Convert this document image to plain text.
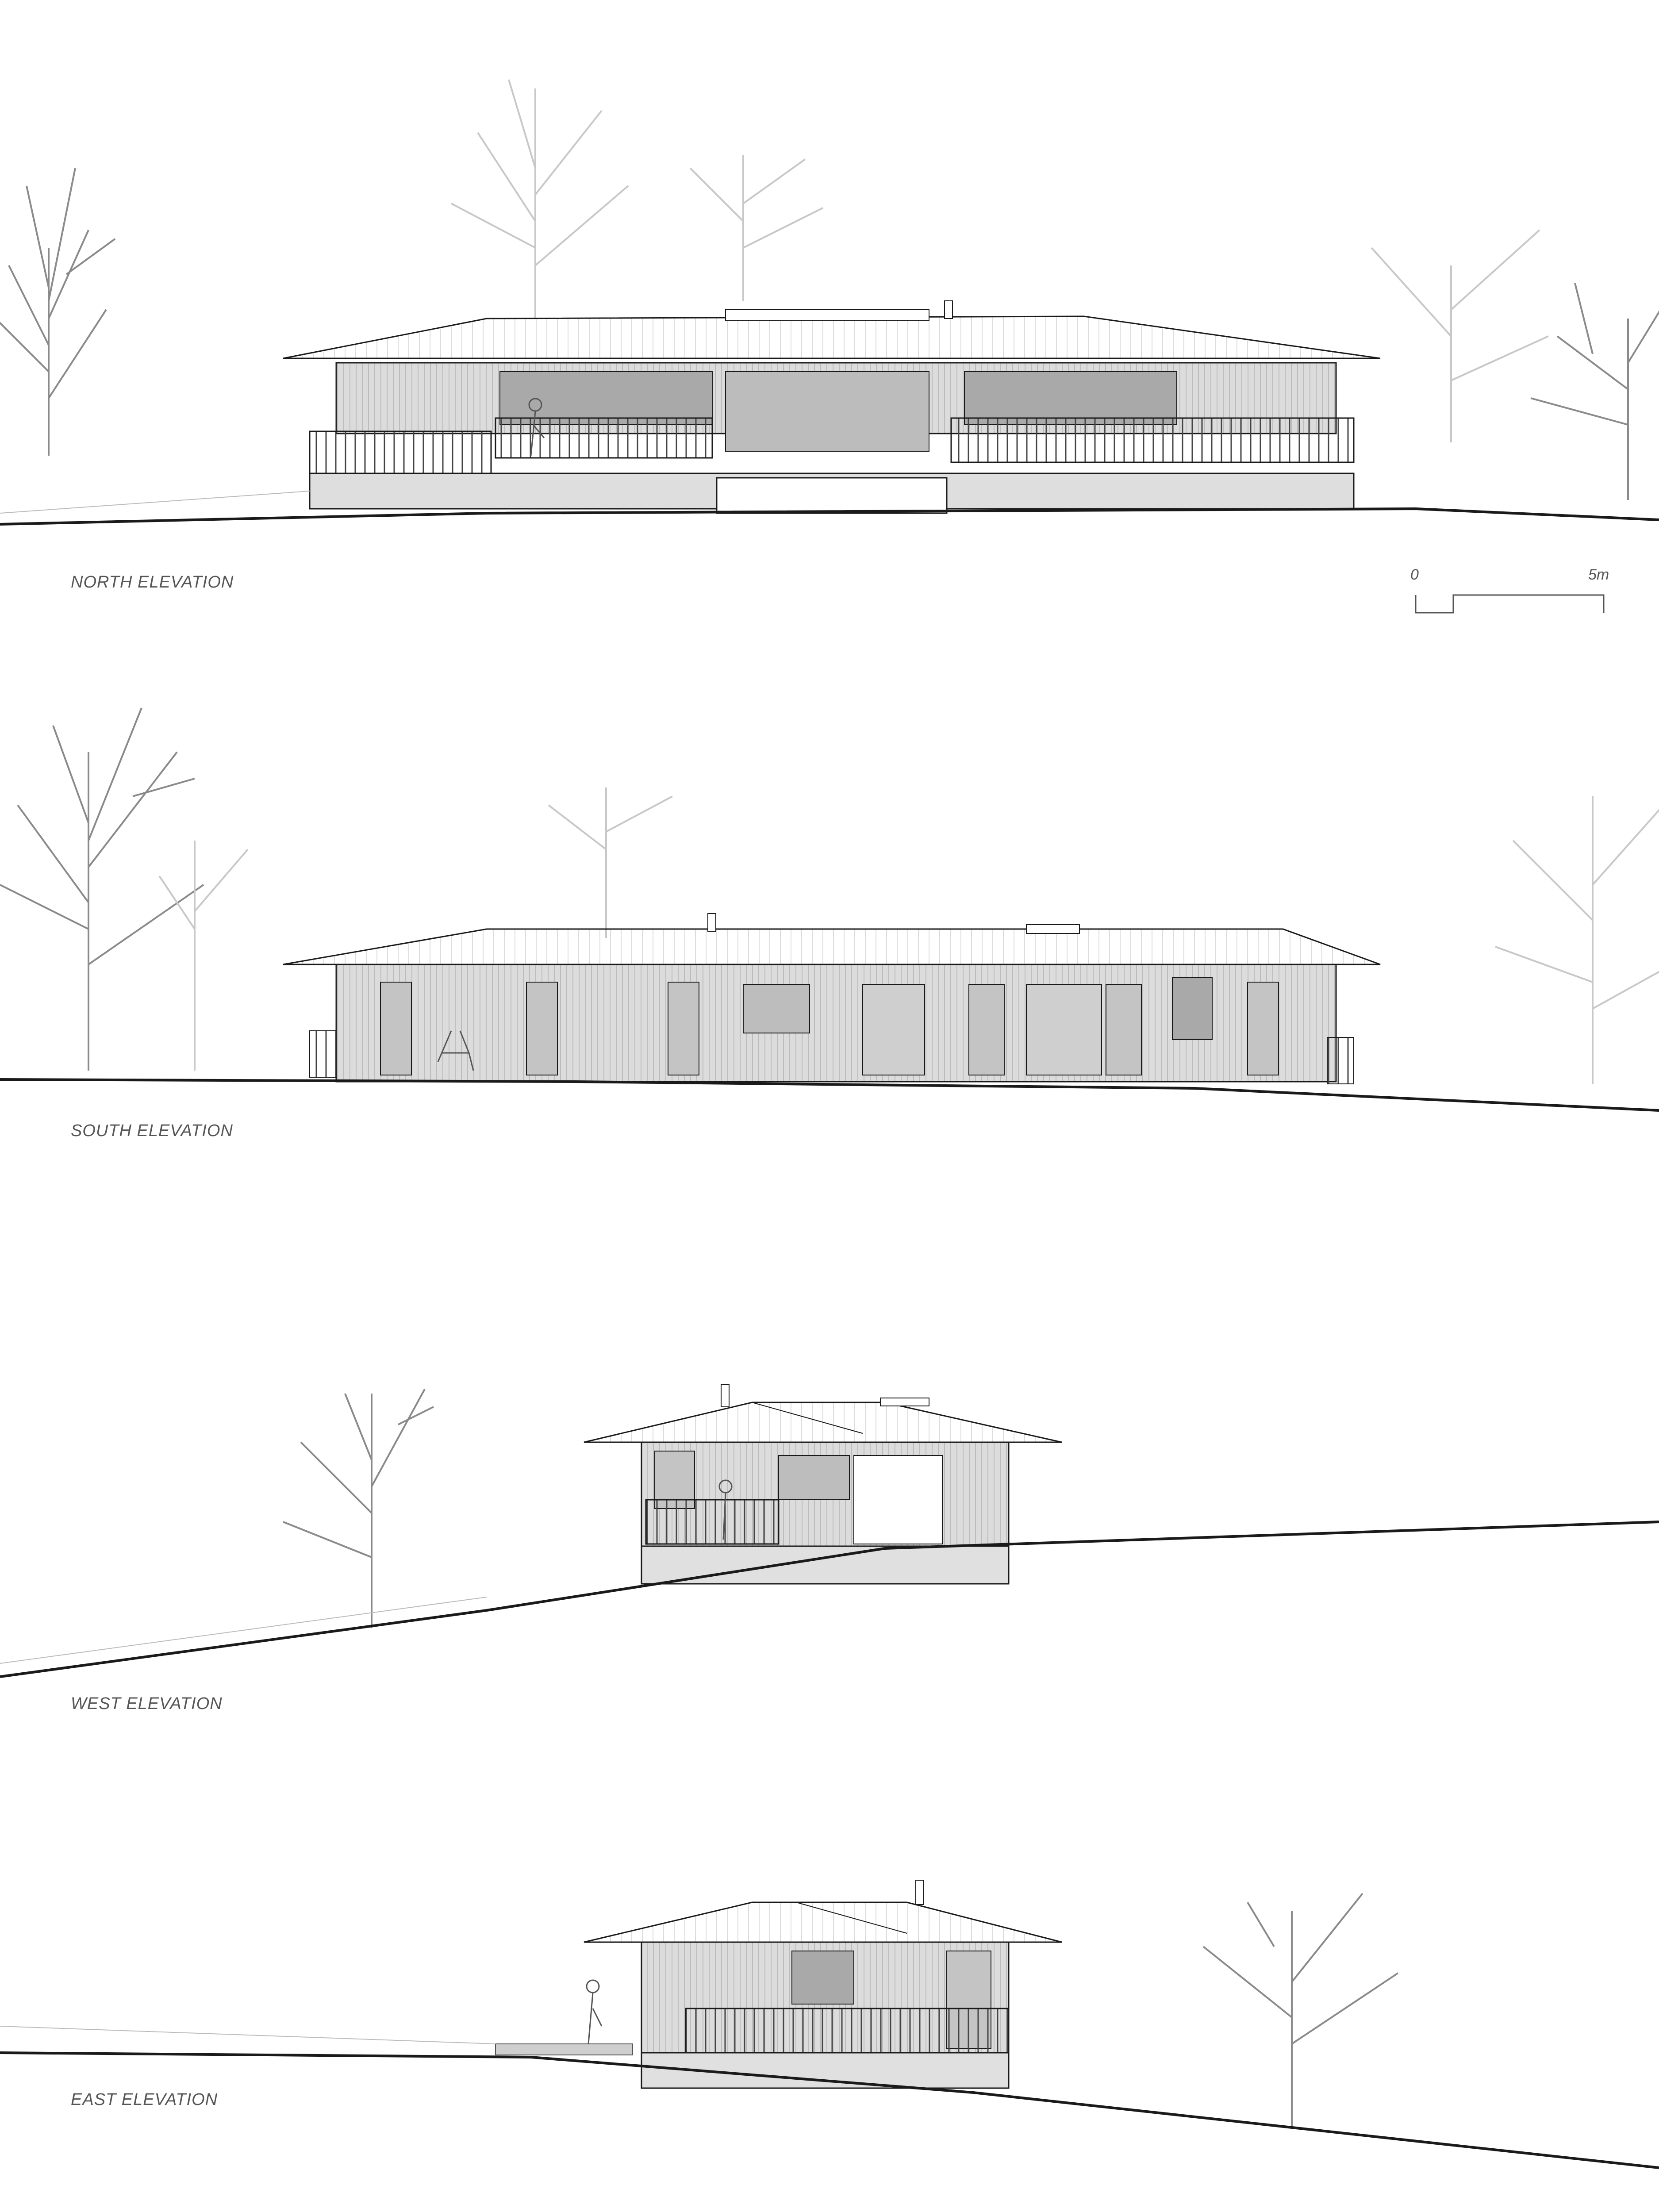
NORTH ELEVATION
SOUTH ELEVATION
WEST ELEVATION
EAST ELEVATION
0	5m
